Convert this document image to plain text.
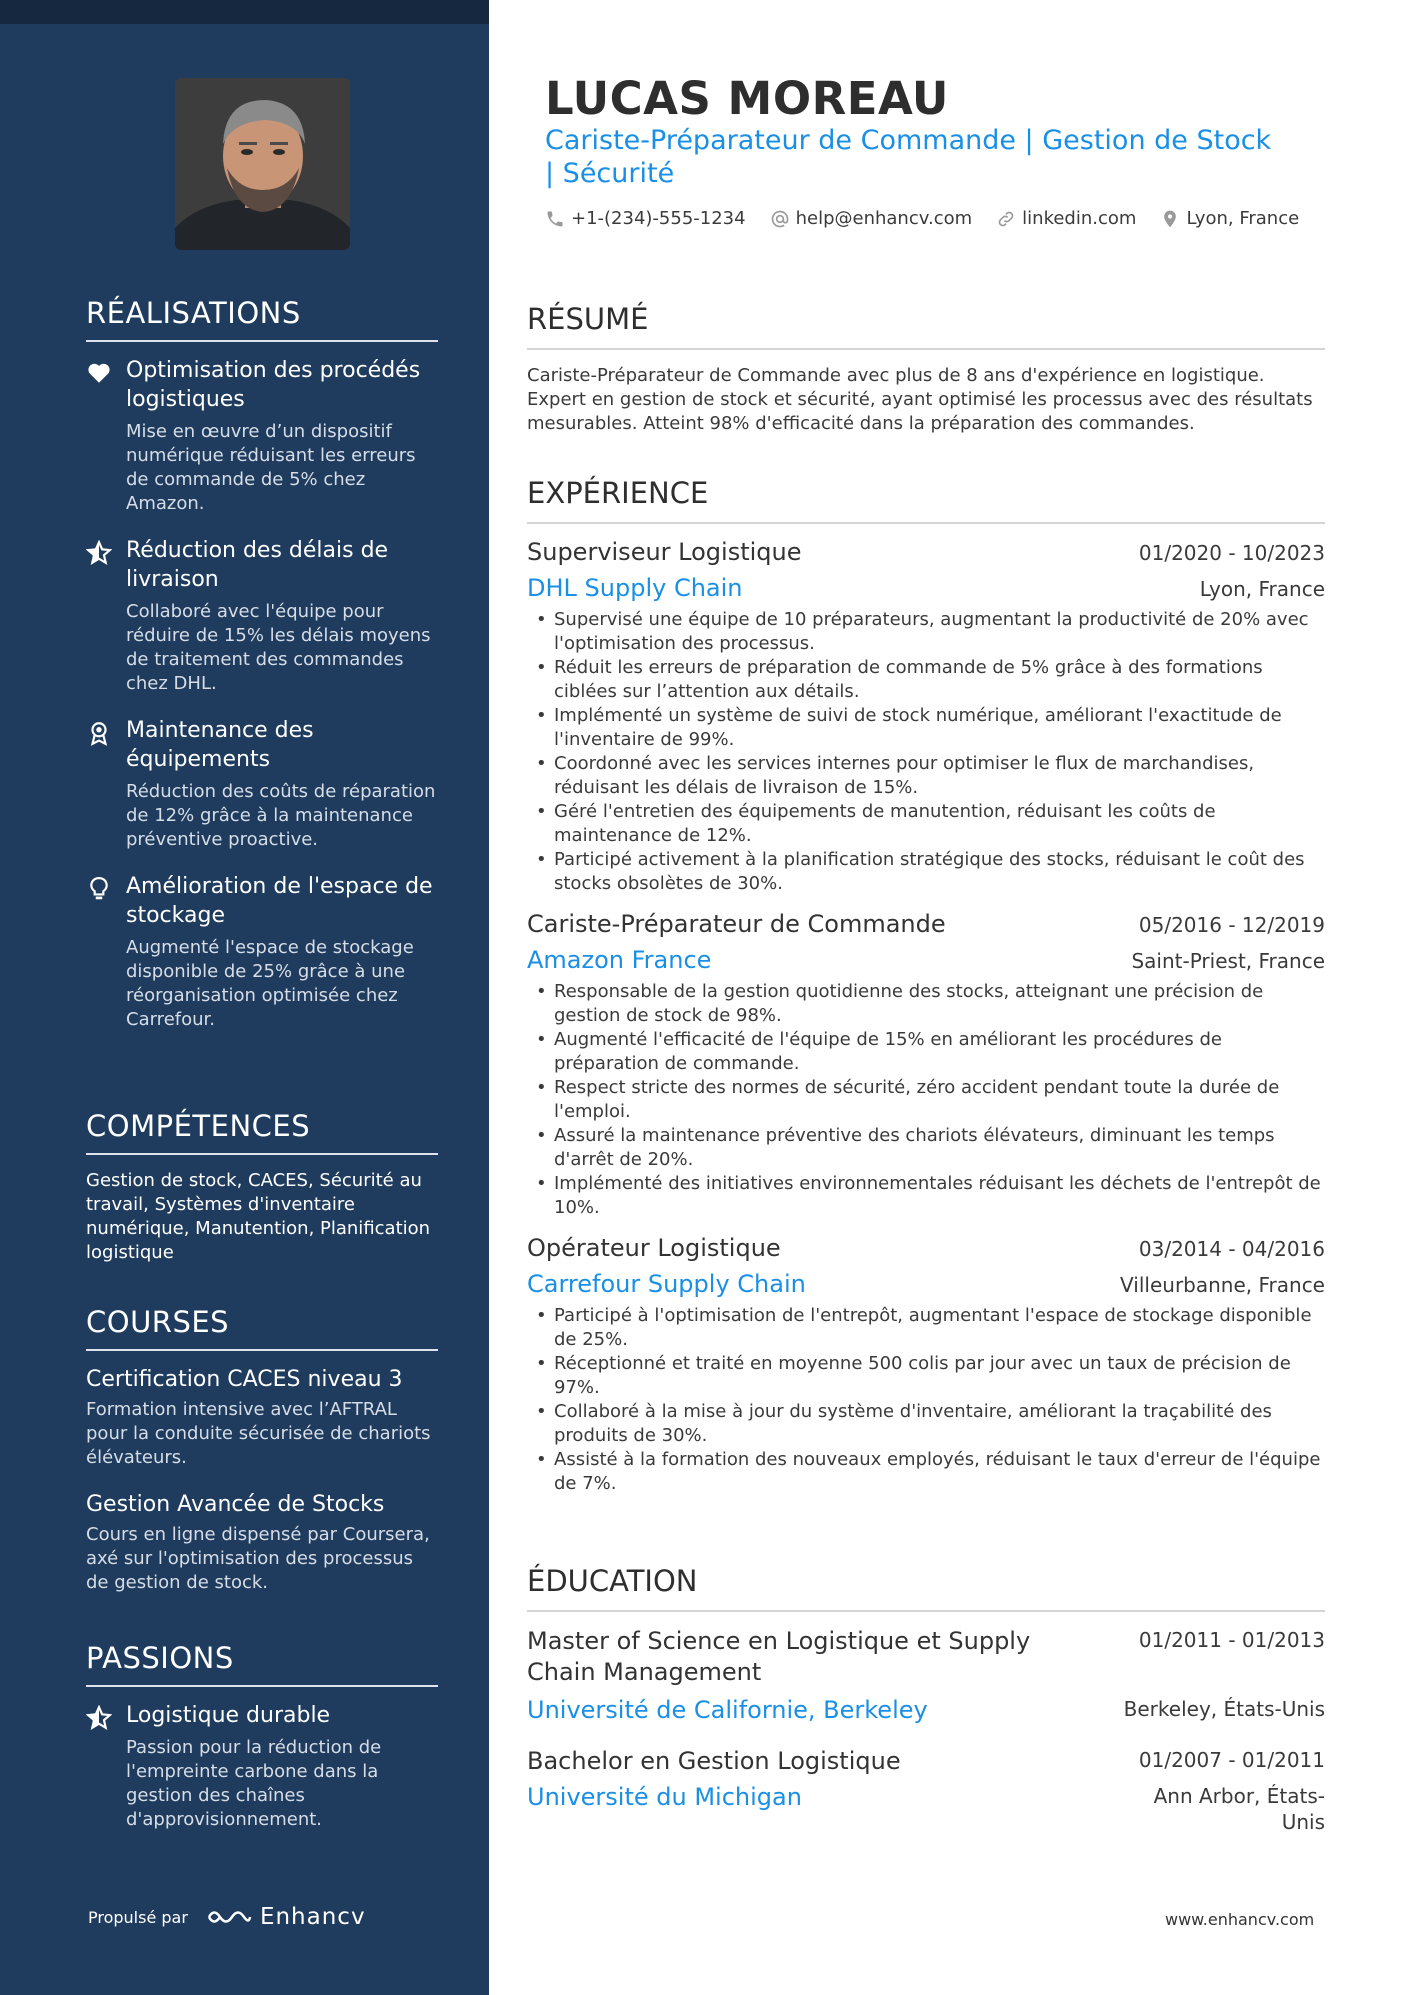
RÉALISATIONS
Optimisation des procédés logistiques
Mise en œuvre d’un dispositif numérique réduisant les erreurs de commande de 5% chez Amazon.
Réduction des délais de livraison
Collaboré avec l'équipe pour réduire de 15% les délais moyens de traitement des commandes chez DHL.
Maintenance des équipements
Réduction des coûts de réparation de 12% grâce à la maintenance préventive proactive.
Amélioration de l'espace de stockage
Augmenté l'espace de stockage disponible de 25% grâce à une réorganisation optimisée chez Carrefour.
COMPÉTENCES
Gestion de stock, CACES, Sécurité au travail, Systèmes d'inventaire numérique, Manutention, Planification logistique
COURSES
Certification CACES niveau 3
Formation intensive avec l’AFTRAL pour la conduite sécurisée de chariots élévateurs.
Gestion Avancée de Stocks
Cours en ligne dispensé par Coursera, axé sur l'optimisation des processus de gestion de stock.
PASSIONS
Logistique durable
Passion pour la réduction de l'empreinte carbone dans la gestion des chaînes d'approvisionnement.
Propulsé par	Enhancv
LUCAS MOREAU
Cariste-Préparateur de Commande | Gestion de Stock | Sécurité
+1-(234)-555-1234	help@enhancv.com	linkedin.com	Lyon, France
RÉSUMÉ

Cariste-Préparateur de Commande avec plus de 8 ans d'expérience en logistique. Expert en gestion de stock et sécurité, ayant optimisé les processus avec des résultats mesurables. Atteint 98% d'efficacité dans la préparation des commandes.

EXPÉRIENCE
Superviseur Logistique	01/2020 - 10/2023
DHL Supply Chain	Lyon, France
• Supervisé une équipe de 10 préparateurs, augmentant la productivité de 20% avec l'optimisation des processus.
• Réduit les erreurs de préparation de commande de 5% grâce à des formations ciblées sur l’attention aux détails.
• Implémenté un système de suivi de stock numérique, améliorant l'exactitude de l'inventaire de 99%.
• Coordonné avec les services internes pour optimiser le flux de marchandises, réduisant les délais de livraison de 15%.
• Géré l'entretien des équipements de manutention, réduisant les coûts de maintenance de 12%.
• Participé activement à la planification stratégique des stocks, réduisant le coût des stocks obsolètes de 30%.
Cariste-Préparateur de Commande	05/2016 - 12/2019
Amazon France	Saint-Priest, France
• Responsable de la gestion quotidienne des stocks, atteignant une précision de gestion de stock de 98%.
• Augmenté l'efficacité de l'équipe de 15% en améliorant les procédures de préparation de commande.
• Respect stricte des normes de sécurité, zéro accident pendant toute la durée de l'emploi.
• Assuré la maintenance préventive des chariots élévateurs, diminuant les temps d'arrêt de 20%.
• Implémenté des initiatives environnementales réduisant les déchets de l'entrepôt de 10%.
Opérateur Logistique	03/2014 - 04/2016
Carrefour Supply Chain	Villeurbanne, France
• Participé à l'optimisation de l'entrepôt, augmentant l'espace de stockage disponible de 25%.
• Réceptionné et traité en moyenne 500 colis par jour avec un taux de précision de 97%.
• Collaboré à la mise à jour du système d'inventaire, améliorant la traçabilité des produits de 30%.
• Assisté à la formation des nouveaux employés, réduisant le taux d'erreur de l'équipe de 7%.
ÉDUCATION
Master of Science en Logistique et Supply Chain Management
01/2011 - 01/2013
Université de Californie, Berkeley	Berkeley, États-Unis
Bachelor en Gestion Logistique	01/2007 - 01/2011
Université du Michigan	Ann Arbor, États-Unis
www.enhancv.com
